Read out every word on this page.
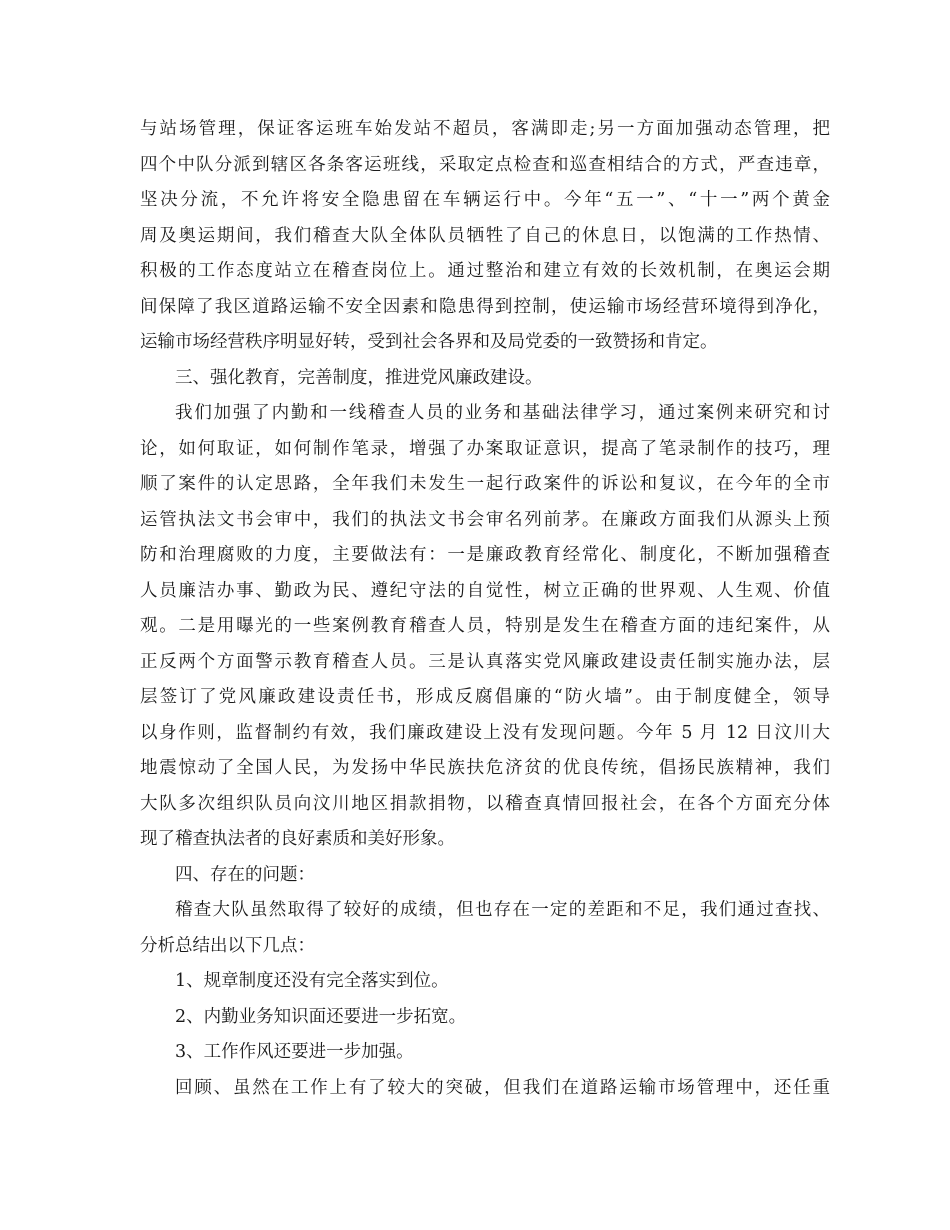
与站场管理，保证客运班车始发站不超员，客满即走;另一方面加强动态管理，把
四个中队分派到辖区各条客运班线，采取定点检查和巡查相结合的方式，严查违章，
坚决分流，不允许将安全隐患留在车辆运行中。今年“五一”、“十一”两个黄金
周及奥运期间，我们稽查大队全体队员牺牲了自己的休息日，以饱满的工作热情、
积极的工作态度站立在稽查岗位上。通过整治和建立有效的长效机制，在奥运会期
间保障了我区道路运输不安全因素和隐患得到控制，使运输市场经营环境得到净化，
运输市场经营秩序明显好转，受到社会各界和及局党委的一致赞扬和肯定。
三、强化教育，完善制度，推进党风廉政建设。
我们加强了内勤和一线稽查人员的业务和基础法律学习，通过案例来研究和讨
论，如何取证，如何制作笔录，增强了办案取证意识，提高了笔录制作的技巧，理
顺了案件的认定思路，全年我们未发生一起行政案件的诉讼和复议，在今年的全市
运管执法文书会审中，我们的执法文书会审名列前茅。在廉政方面我们从源头上预
防和治理腐败的力度，主要做法有：一是廉政教育经常化、制度化，不断加强稽查
人员廉洁办事、勤政为民、遵纪守法的自觉性，树立正确的世界观、人生观、价值
观。二是用曝光的一些案例教育稽查人员，特别是发生在稽查方面的违纪案件，从
正反两个方面警示教育稽查人员。三是认真落实党风廉政建设责任制实施办法，层
层签订了党风廉政建设责任书，形成反腐倡廉的“防火墙”。由于制度健全，领导
以身作则，监督制约有效，我们廉政建设上没有发现问题。今年 5 月 12 日汶川大
地震惊动了全国人民，为发扬中华民族扶危济贫的优良传统，倡扬民族精神，我们
大队多次组织队员向汶川地区捐款捐物，以稽查真情回报社会，在各个方面充分体
现了稽查执法者的良好素质和美好形象。
四、存在的问题：
稽查大队虽然取得了较好的成绩，但也存在一定的差距和不足，我们通过查找、
分析总结出以下几点：
1、规章制度还没有完全落实到位。
2、内勤业务知识面还要进一步拓宽。
3、工作作风还要进一步加强。
回顾、虽然在工作上有了较大的突破，但我们在道路运输市场管理中，还任重
